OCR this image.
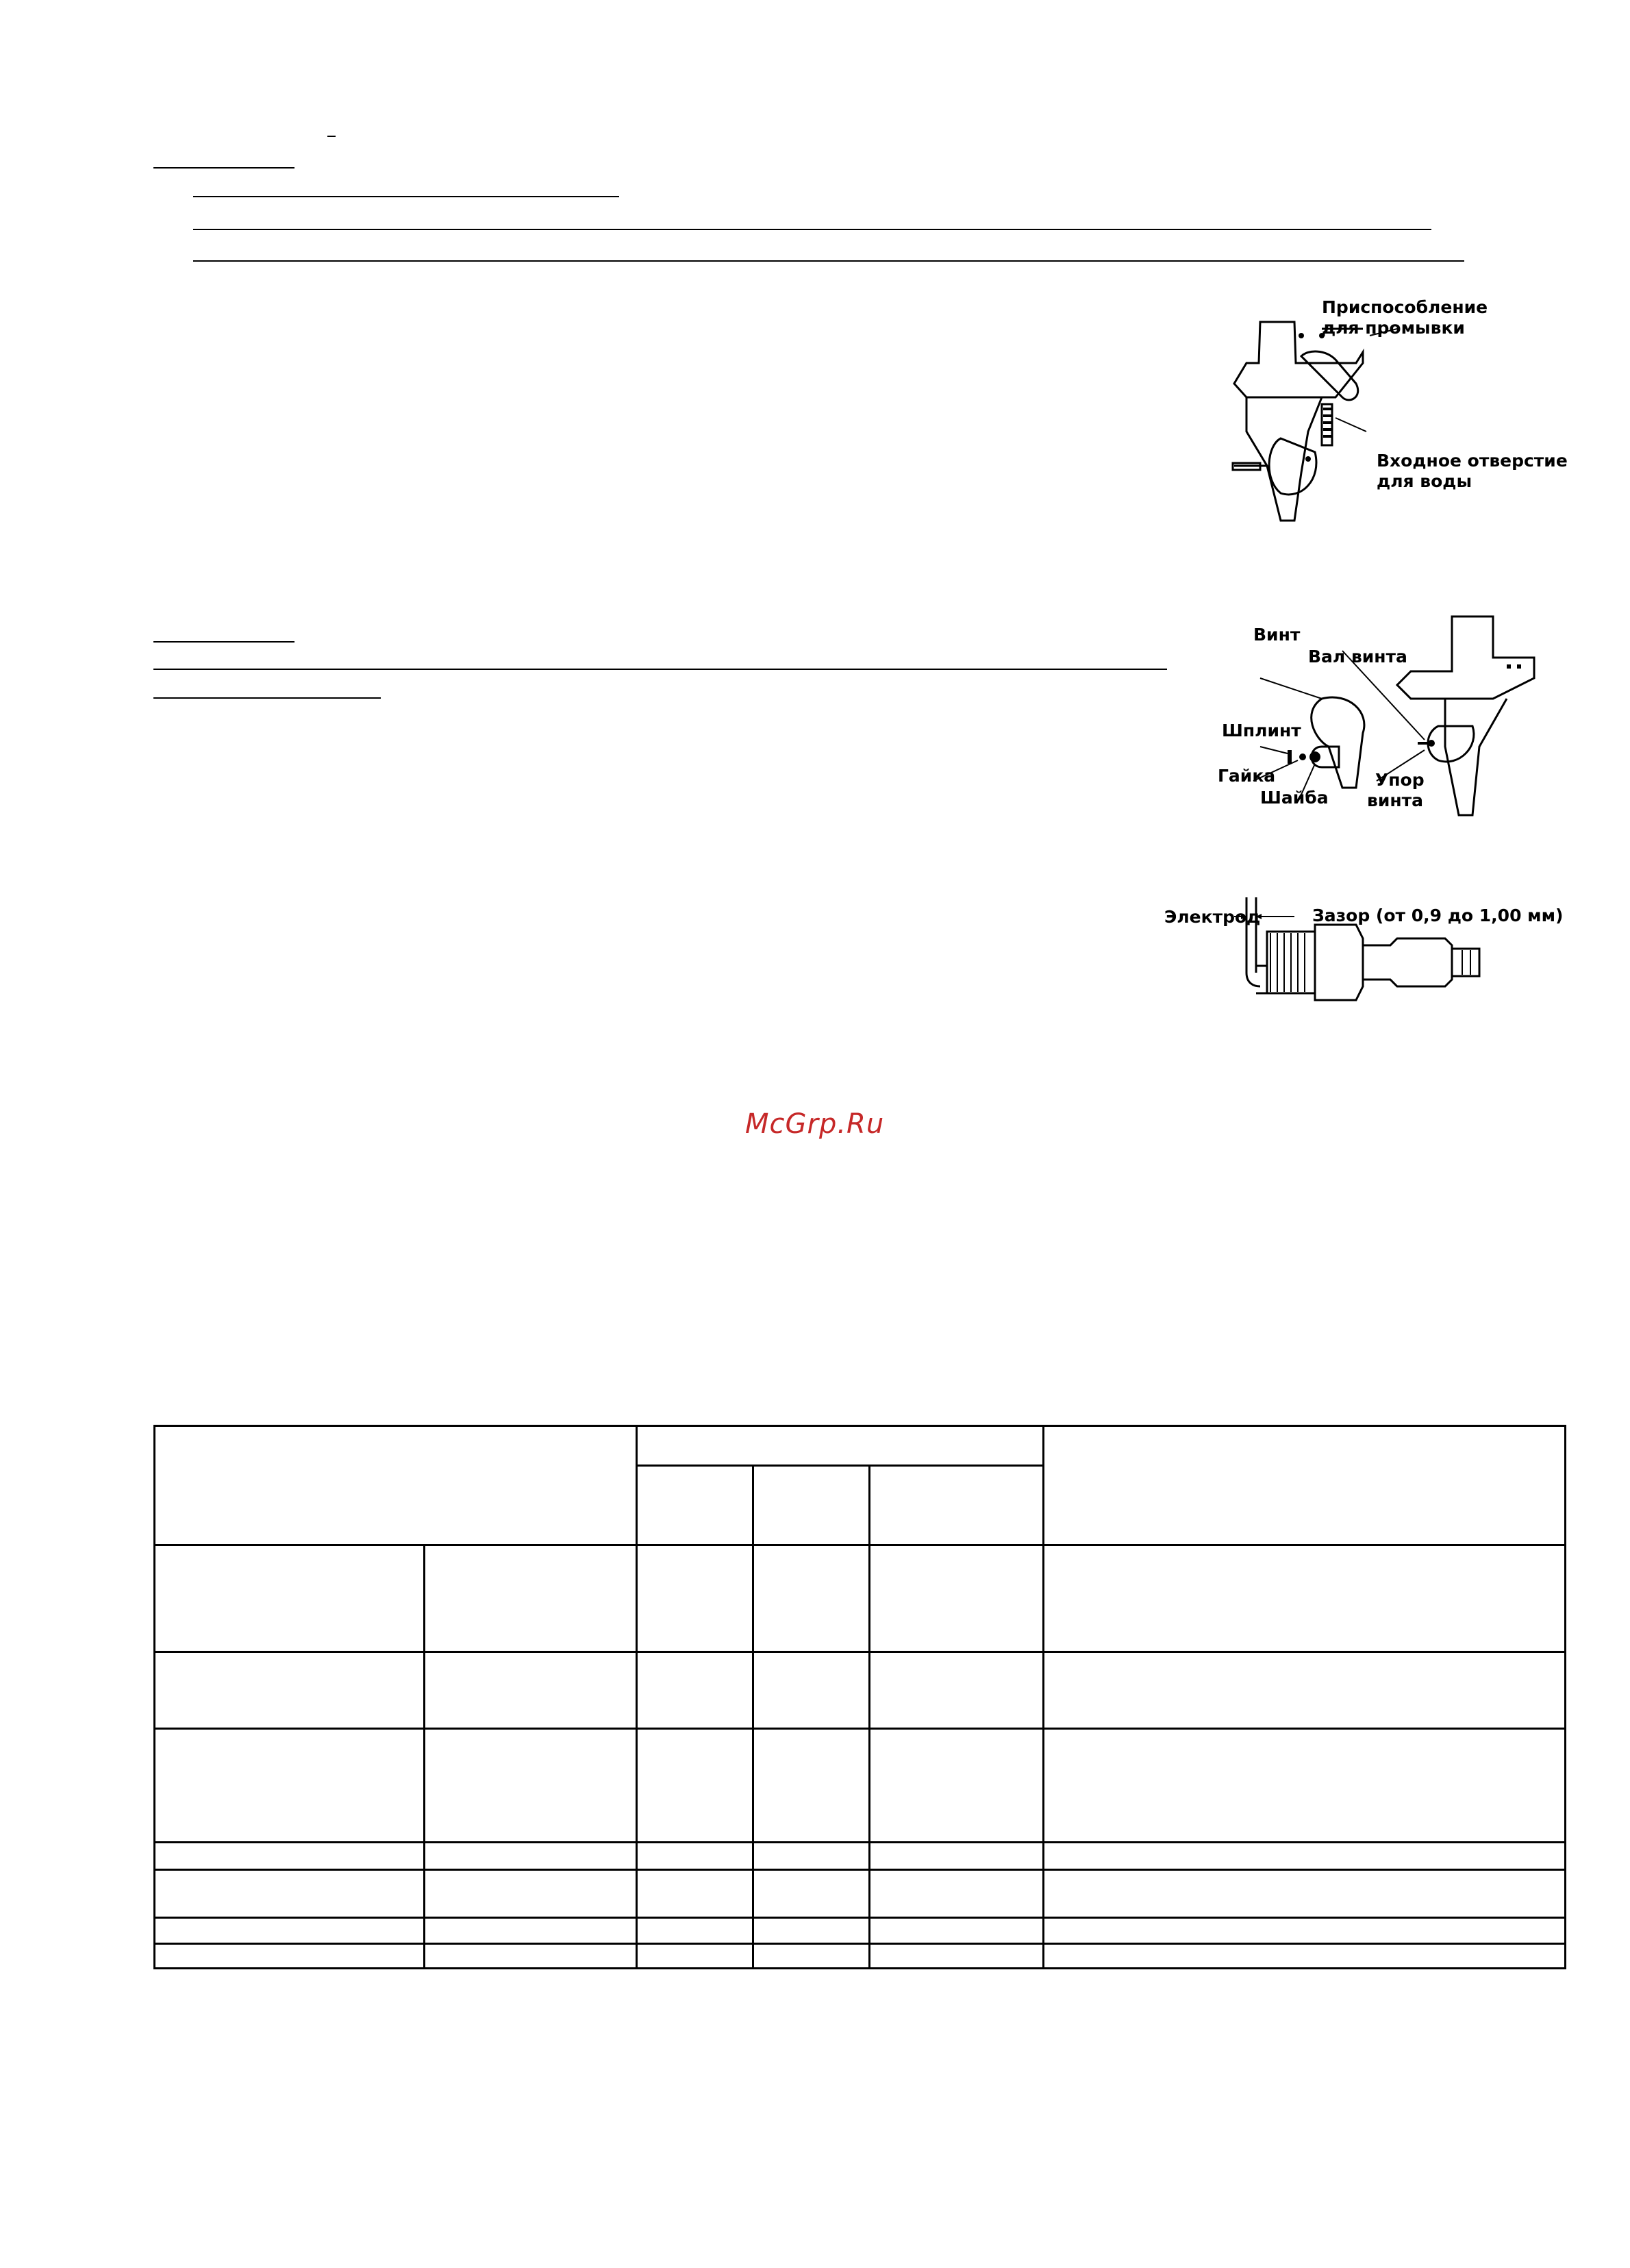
Приспособление
для промывки
Входное отверстие
для воды
Винт
Вал винта
Шплинт
Гайка
Шайба
Упор
винта
Электрод	Зазор (от 0,9 до 1,00 мм)
McGrp.Ru
